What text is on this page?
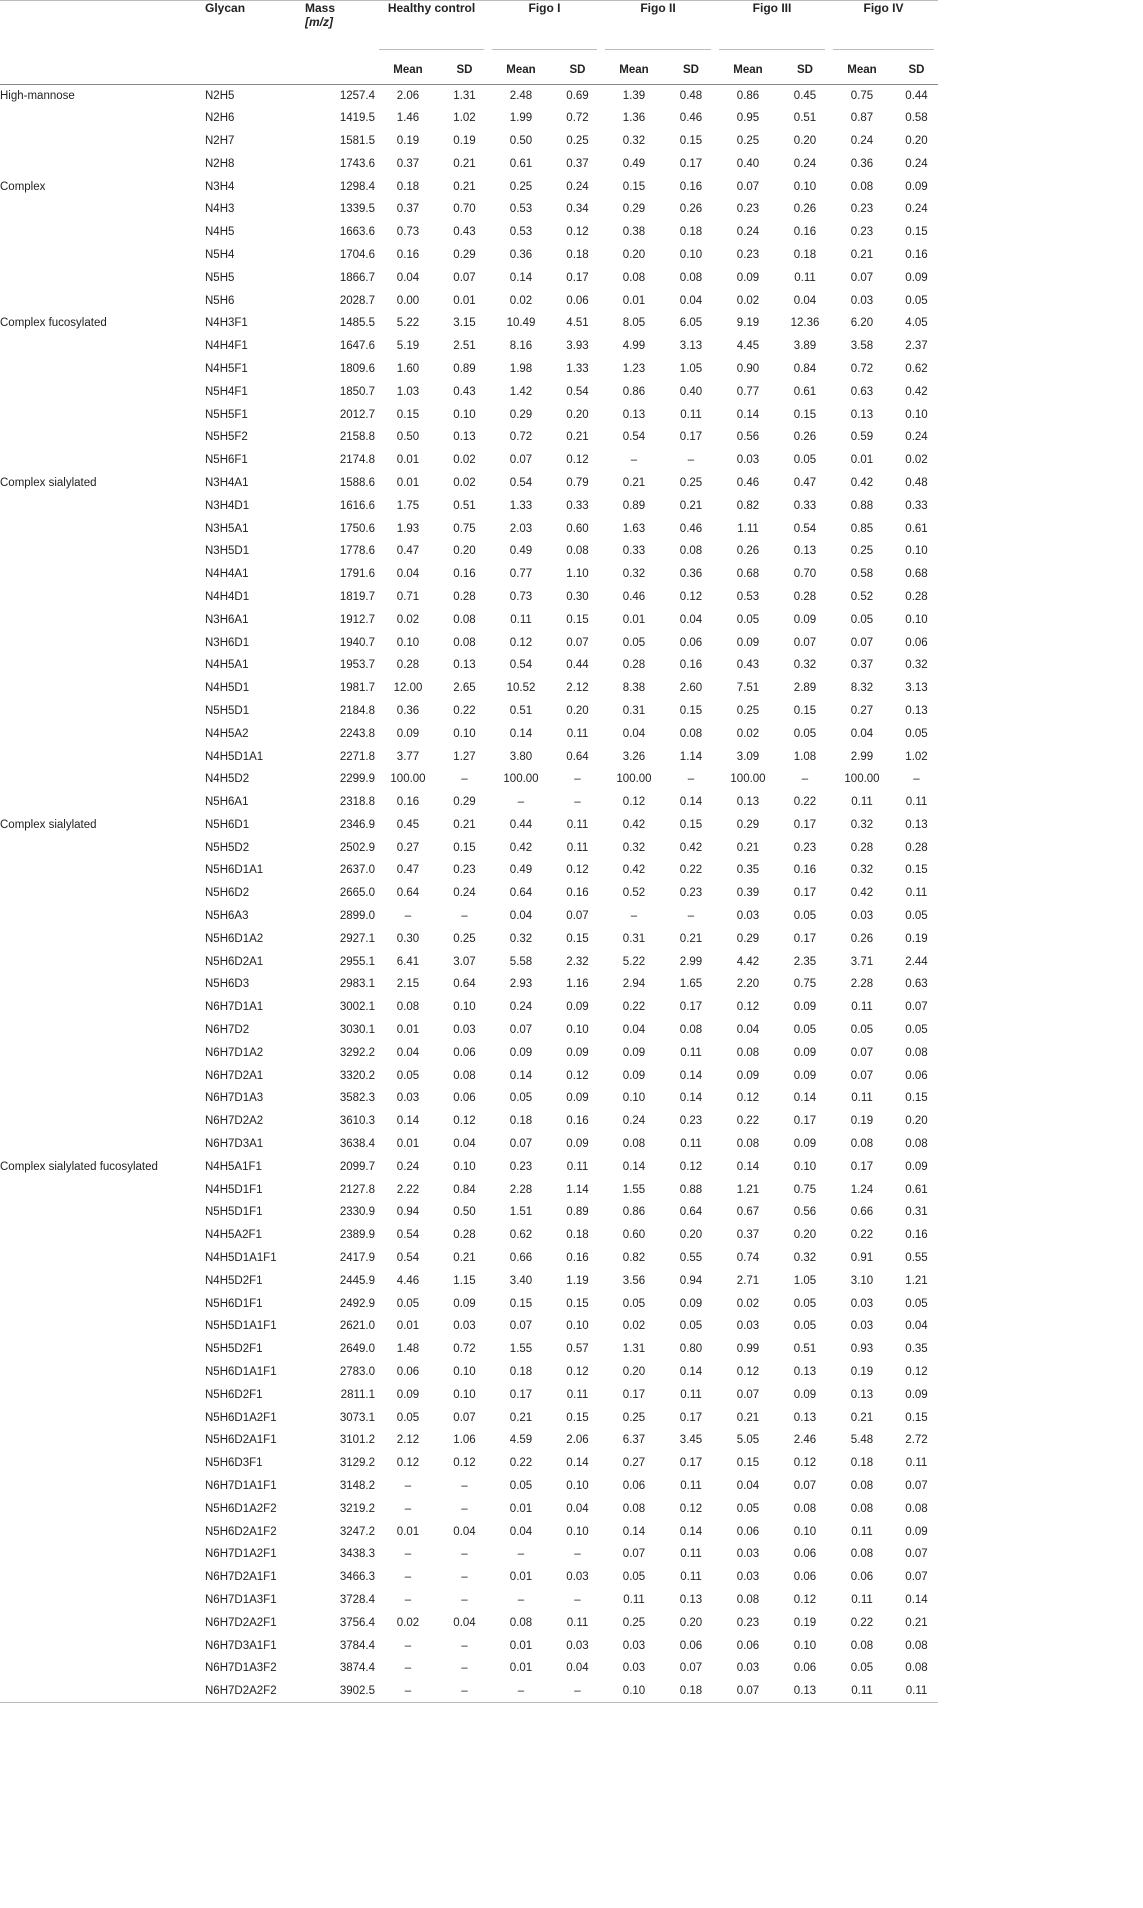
	Glycan	Mass
[m/z]	Healthy control		Figo I		Figo II		Figo III		Figo IV	
			Mean	SD	Mean	SD	Mean	SD	Mean	SD	Mean	SD
High-mannose	N2H5	1257.4	2.06	1.31	2.48	0.69	1.39	0.48	0.86	0.45	0.75	0.44
	N2H6	1419.5	1.46	1.02	1.99	0.72	1.36	0.46	0.95	0.51	0.87	0.58
	N2H7	1581.5	0.19	0.19	0.50	0.25	0.32	0.15	0.25	0.20	0.24	0.20
	N2H8	1743.6	0.37	0.21	0.61	0.37	0.49	0.17	0.40	0.24	0.36	0.24
Complex	N3H4	1298.4	0.18	0.21	0.25	0.24	0.15	0.16	0.07	0.10	0.08	0.09
	N4H3	1339.5	0.37	0.70	0.53	0.34	0.29	0.26	0.23	0.26	0.23	0.24
	N4H5	1663.6	0.73	0.43	0.53	0.12	0.38	0.18	0.24	0.16	0.23	0.15
	N5H4	1704.6	0.16	0.29	0.36	0.18	0.20	0.10	0.23	0.18	0.21	0.16
	N5H5	1866.7	0.04	0.07	0.14	0.17	0.08	0.08	0.09	0.11	0.07	0.09
	N5H6	2028.7	0.00	0.01	0.02	0.06	0.01	0.04	0.02	0.04	0.03	0.05
Complex fucosylated	N4H3F1	1485.5	5.22	3.15	10.49	4.51	8.05	6.05	9.19	12.36	6.20	4.05
	N4H4F1	1647.6	5.19	2.51	8.16	3.93	4.99	3.13	4.45	3.89	3.58	2.37
	N4H5F1	1809.6	1.60	0.89	1.98	1.33	1.23	1.05	0.90	0.84	0.72	0.62
	N5H4F1	1850.7	1.03	0.43	1.42	0.54	0.86	0.40	0.77	0.61	0.63	0.42
	N5H5F1	2012.7	0.15	0.10	0.29	0.20	0.13	0.11	0.14	0.15	0.13	0.10
	N5H5F2	2158.8	0.50	0.13	0.72	0.21	0.54	0.17	0.56	0.26	0.59	0.24
	N5H6F1	2174.8	0.01	0.02	0.07	0.12	–	–	0.03	0.05	0.01	0.02
Complex sialylated	N3H4A1	1588.6	0.01	0.02	0.54	0.79	0.21	0.25	0.46	0.47	0.42	0.48
	N3H4D1	1616.6	1.75	0.51	1.33	0.33	0.89	0.21	0.82	0.33	0.88	0.33
	N3H5A1	1750.6	1.93	0.75	2.03	0.60	1.63	0.46	1.11	0.54	0.85	0.61
	N3H5D1	1778.6	0.47	0.20	0.49	0.08	0.33	0.08	0.26	0.13	0.25	0.10
	N4H4A1	1791.6	0.04	0.16	0.77	1.10	0.32	0.36	0.68	0.70	0.58	0.68
	N4H4D1	1819.7	0.71	0.28	0.73	0.30	0.46	0.12	0.53	0.28	0.52	0.28
	N3H6A1	1912.7	0.02	0.08	0.11	0.15	0.01	0.04	0.05	0.09	0.05	0.10
	N3H6D1	1940.7	0.10	0.08	0.12	0.07	0.05	0.06	0.09	0.07	0.07	0.06
	N4H5A1	1953.7	0.28	0.13	0.54	0.44	0.28	0.16	0.43	0.32	0.37	0.32
	N4H5D1	1981.7	12.00	2.65	10.52	2.12	8.38	2.60	7.51	2.89	8.32	3.13
	N5H5D1	2184.8	0.36	0.22	0.51	0.20	0.31	0.15	0.25	0.15	0.27	0.13
	N4H5A2	2243.8	0.09	0.10	0.14	0.11	0.04	0.08	0.02	0.05	0.04	0.05
	N4H5D1A1	2271.8	3.77	1.27	3.80	0.64	3.26	1.14	3.09	1.08	2.99	1.02
	N4H5D2	2299.9	100.00	–	100.00	–	100.00	–	100.00	–	100.00	–
	N5H6A1	2318.8	0.16	0.29	–	–	0.12	0.14	0.13	0.22	0.11	0.11
Complex sialylated	N5H6D1	2346.9	0.45	0.21	0.44	0.11	0.42	0.15	0.29	0.17	0.32	0.13
	N5H5D2	2502.9	0.27	0.15	0.42	0.11	0.32	0.42	0.21	0.23	0.28	0.28
	N5H6D1A1	2637.0	0.47	0.23	0.49	0.12	0.42	0.22	0.35	0.16	0.32	0.15
	N5H6D2	2665.0	0.64	0.24	0.64	0.16	0.52	0.23	0.39	0.17	0.42	0.11
	N5H6A3	2899.0	–	–	0.04	0.07	–	–	0.03	0.05	0.03	0.05
	N5H6D1A2	2927.1	0.30	0.25	0.32	0.15	0.31	0.21	0.29	0.17	0.26	0.19
	N5H6D2A1	2955.1	6.41	3.07	5.58	2.32	5.22	2.99	4.42	2.35	3.71	2.44
	N5H6D3	2983.1	2.15	0.64	2.93	1.16	2.94	1.65	2.20	0.75	2.28	0.63
	N6H7D1A1	3002.1	0.08	0.10	0.24	0.09	0.22	0.17	0.12	0.09	0.11	0.07
	N6H7D2	3030.1	0.01	0.03	0.07	0.10	0.04	0.08	0.04	0.05	0.05	0.05
	N6H7D1A2	3292.2	0.04	0.06	0.09	0.09	0.09	0.11	0.08	0.09	0.07	0.08
	N6H7D2A1	3320.2	0.05	0.08	0.14	0.12	0.09	0.14	0.09	0.09	0.07	0.06
	N6H7D1A3	3582.3	0.03	0.06	0.05	0.09	0.10	0.14	0.12	0.14	0.11	0.15
	N6H7D2A2	3610.3	0.14	0.12	0.18	0.16	0.24	0.23	0.22	0.17	0.19	0.20
	N6H7D3A1	3638.4	0.01	0.04	0.07	0.09	0.08	0.11	0.08	0.09	0.08	0.08
Complex sialylated fucosylated	N4H5A1F1	2099.7	0.24	0.10	0.23	0.11	0.14	0.12	0.14	0.10	0.17	0.09
	N4H5D1F1	2127.8	2.22	0.84	2.28	1.14	1.55	0.88	1.21	0.75	1.24	0.61
	N5H5D1F1	2330.9	0.94	0.50	1.51	0.89	0.86	0.64	0.67	0.56	0.66	0.31
	N4H5A2F1	2389.9	0.54	0.28	0.62	0.18	0.60	0.20	0.37	0.20	0.22	0.16
	N4H5D1A1F1	2417.9	0.54	0.21	0.66	0.16	0.82	0.55	0.74	0.32	0.91	0.55
	N4H5D2F1	2445.9	4.46	1.15	3.40	1.19	3.56	0.94	2.71	1.05	3.10	1.21
	N5H6D1F1	2492.9	0.05	0.09	0.15	0.15	0.05	0.09	0.02	0.05	0.03	0.05
	N5H5D1A1F1	2621.0	0.01	0.03	0.07	0.10	0.02	0.05	0.03	0.05	0.03	0.04
	N5H5D2F1	2649.0	1.48	0.72	1.55	0.57	1.31	0.80	0.99	0.51	0.93	0.35
	N5H6D1A1F1	2783.0	0.06	0.10	0.18	0.12	0.20	0.14	0.12	0.13	0.19	0.12
	N5H6D2F1	2811.1	0.09	0.10	0.17	0.11	0.17	0.11	0.07	0.09	0.13	0.09
	N5H6D1A2F1	3073.1	0.05	0.07	0.21	0.15	0.25	0.17	0.21	0.13	0.21	0.15
	N5H6D2A1F1	3101.2	2.12	1.06	4.59	2.06	6.37	3.45	5.05	2.46	5.48	2.72
	N5H6D3F1	3129.2	0.12	0.12	0.22	0.14	0.27	0.17	0.15	0.12	0.18	0.11
	N6H7D1A1F1	3148.2	–	–	0.05	0.10	0.06	0.11	0.04	0.07	0.08	0.07
	N5H6D1A2F2	3219.2	–	–	0.01	0.04	0.08	0.12	0.05	0.08	0.08	0.08
	N5H6D2A1F2	3247.2	0.01	0.04	0.04	0.10	0.14	0.14	0.06	0.10	0.11	0.09
	N6H7D1A2F1	3438.3	–	–	–	–	0.07	0.11	0.03	0.06	0.08	0.07
	N6H7D2A1F1	3466.3	–	–	0.01	0.03	0.05	0.11	0.03	0.06	0.06	0.07
	N6H7D1A3F1	3728.4	–	–	–	–	0.11	0.13	0.08	0.12	0.11	0.14
	N6H7D2A2F1	3756.4	0.02	0.04	0.08	0.11	0.25	0.20	0.23	0.19	0.22	0.21
	N6H7D3A1F1	3784.4	–	–	0.01	0.03	0.03	0.06	0.06	0.10	0.08	0.08
	N6H7D1A3F2	3874.4	–	–	0.01	0.04	0.03	0.07	0.03	0.06	0.05	0.08
	N6H7D2A2F2	3902.5	–	–	–	–	0.10	0.18	0.07	0.13	0.11	0.11
